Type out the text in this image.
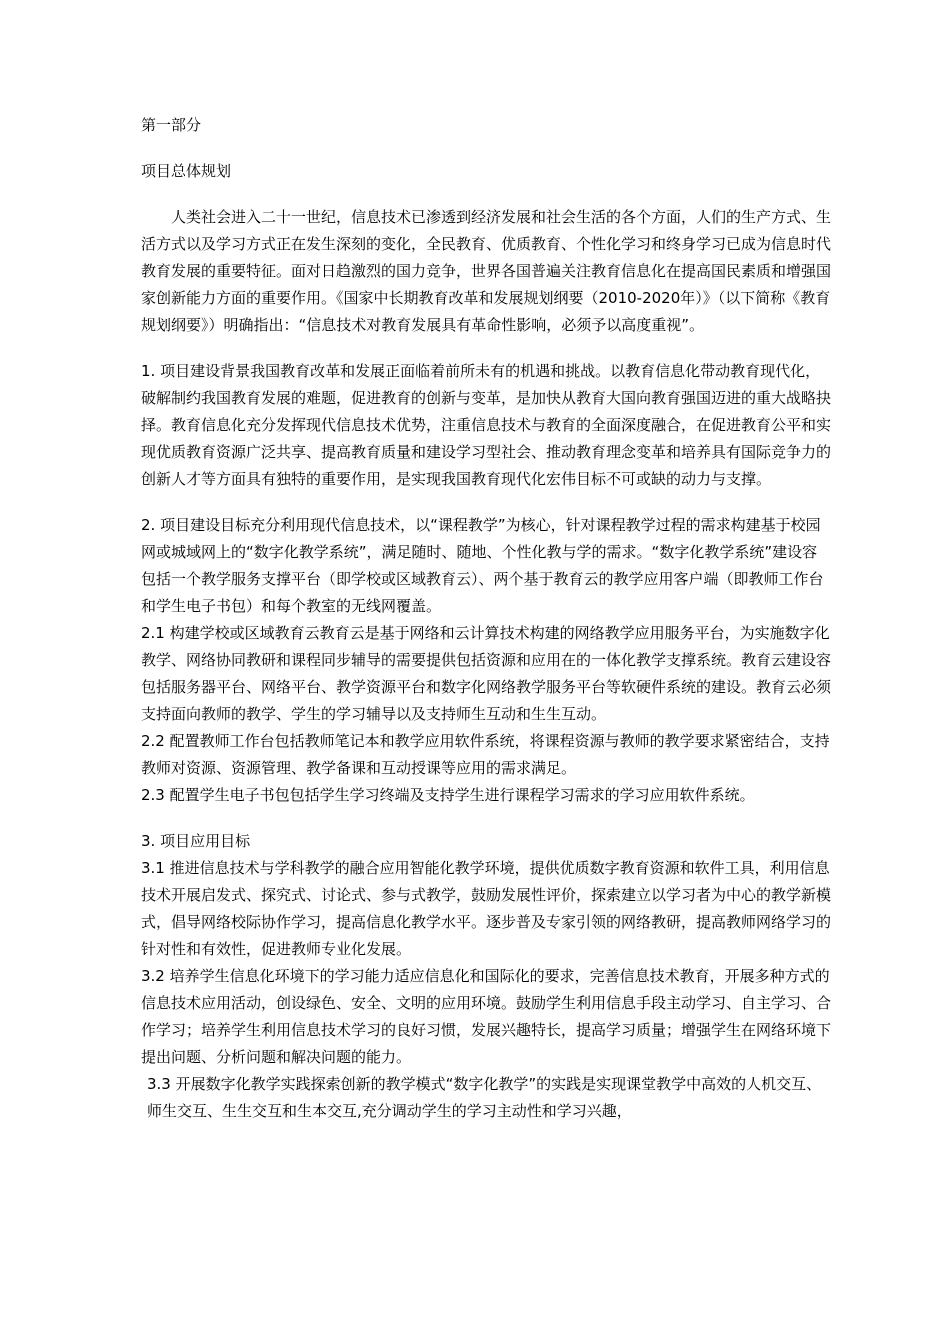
第一部分

项目总体规划

人类社会进入二十一世纪，信息技术已渗透到经济发展和社会生活的各个方面，人们的生产方式、生活方式以及学习方式正在发生深刻的变化，全民教育、优质教育、个性化学习和终身学习已成为信息时代教育发展的重要特征。面对日趋激烈的国力竞争，世界各国普遍关注教育信息化在提高国民素质和增强国家创新能力方面的重要作用。《国家中长期教育改革和发展规划纲要（2010-2020年）》（以下简称《教育规划纲要》）明确指出：“信息技术对教育发展具有革命性影响，必须予以高度重视”。

1. 项目建设背景我国教育改革和发展正面临着前所未有的机遇和挑战。以教育信息化带动教育现代化，破解制约我国教育发展的难题，促进教育的创新与变革，是加快从教育大国向教育强国迈进的重大战略抉择。教育信息化充分发挥现代信息技术优势，注重信息技术与教育的全面深度融合，在促进教育公平和实现优质教育资源广泛共享、提高教育质量和建设学习型社会、推动教育理念变革和培养具有国际竞争力的创新人才等方面具有独特的重要作用，是实现我国教育现代化宏伟目标不可或缺的动力与支撑。

2. 项目建设目标充分利用现代信息技术，以“课程教学”为核心，针对课程教学过程的需求构建基于校园网或城域网上的“数字化教学系统”，满足随时、随地、个性化教与学的需求。“数字化教学系统”建设容包括一个教学服务支撑平台（即学校或区域教育云）、两个基于教育云的教学应用客户端（即教师工作台和学生电子书包）和每个教室的无线网覆盖。

2.1 构建学校或区域教育云教育云是基于网络和云计算技术构建的网络教学应用服务平台，为实施数字化教学、网络协同教研和课程同步辅导的需要提供包括资源和应用在的一体化教学支撑系统。教育云建设容包括服务器平台、网络平台、教学资源平台和数字化网络教学服务平台等软硬件系统的建设。教育云必须支持面向教师的教学、学生的学习辅导以及支持师生互动和生生互动。

2.2 配置教师工作台包括教师笔记本和教学应用软件系统，将课程资源与教师的教学要求紧密结合，支持教师对资源、资源管理、教学备课和互动授课等应用的需求满足。

2.3 配置学生电子书包包括学生学习终端及支持学生进行课程学习需求的学习应用软件系统。

3. 项目应用目标

3.1 推进信息技术与学科教学的融合应用智能化教学环境，提供优质数字教育资源和软件工具，利用信息技术开展启发式、探究式、讨论式、参与式教学，鼓励发展性评价，探索建立以学习者为中心的教学新模式，倡导网络校际协作学习，提高信息化教学水平。逐步普及专家引领的网络教研，提高教师网络学习的针对性和有效性，促进教师专业化发展。

3.2 培养学生信息化环境下的学习能力适应信息化和国际化的要求，完善信息技术教育，开展多种方式的信息技术应用活动，创设绿色、安全、文明的应用环境。鼓励学生利用信息手段主动学习、自主学习、合作学习；培养学生利用信息技术学习的良好习惯，发展兴趣特长，提高学习质量；增强学生在网络环境下提出问题、分析问题和解决问题的能力。

3.3 开展数字化教学实践探索创新的教学模式“数字化教学”的实践是实现课堂教学中高效的人机交互、师生交互、生生交互和生本交互,充分调动学生的学习主动性和学习兴趣，
